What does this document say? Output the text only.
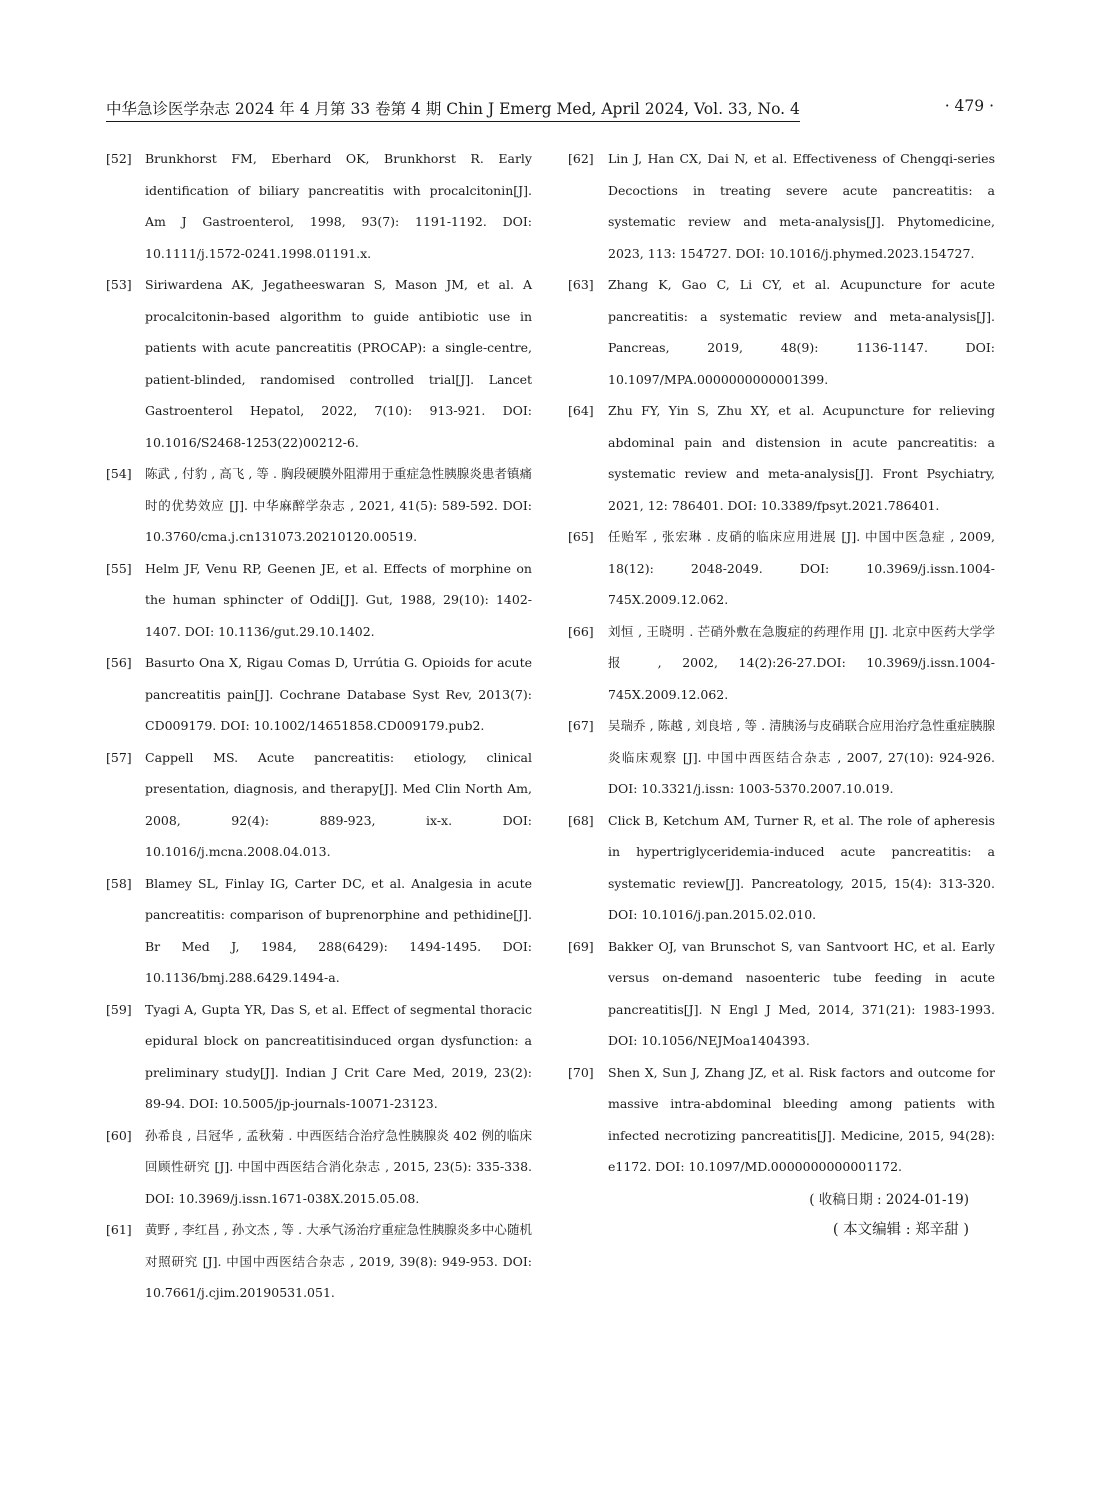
中华急诊医学杂志 2024 年 4 月第 33 卷第 4 期 Chin J Emerg Med, April 2024, Vol. 33, No. 4	· 479 ·
[52] Brunkhorst FM, Eberhard OK, Brunkhorst R. Early identification of biliary pancreatitis with procalcitonin[J]. Am J Gastroenterol, 1998, 93(7): 1191-1192. DOI: 10.1111/j.1572-0241.1998.01191.x.
[53] Siriwardena AK, Jegatheeswaran S, Mason JM, et al. A procalcitonin-based algorithm to guide antibiotic use in patients with acute pancreatitis (PROCAP): a single-centre, patient-blinded, randomised controlled trial[J]. Lancet Gastroenterol Hepatol, 2022, 7(10): 913-921. DOI: 10.1016/S2468-1253(22)00212-6.
[54] 陈武 , 付豹 , 高飞 , 等 . 胸段硬膜外阻滞用于重症急性胰腺炎患者镇痛时的优势效应 [J]. 中华麻醉学杂志 , 2021, 41(5): 589-592. DOI: 10.3760/cma.j.cn131073.20210120.00519.
[55] Helm JF, Venu RP, Geenen JE, et al. Effects of morphine on the human sphincter of Oddi[J]. Gut, 1988, 29(10): 1402-1407. DOI: 10.1136/gut.29.10.1402.
[56] Basurto Ona X, Rigau Comas D, Urrútia G. Opioids for acute pancreatitis pain[J]. Cochrane Database Syst Rev, 2013(7): CD009179. DOI: 10.1002/14651858.CD009179.pub2.
[57] Cappell MS. Acute pancreatitis: etiology, clinical presentation, diagnosis, and therapy[J]. Med Clin North Am, 2008, 92(4): 889-923, ix-x. DOI: 10.1016/j.mcna.2008.04.013.
[58] Blamey SL, Finlay IG, Carter DC, et al. Analgesia in acute pancreatitis: comparison of buprenorphine and pethidine[J]. Br Med J, 1984, 288(6429): 1494-1495. DOI: 10.1136/bmj.288.6429.1494-a.
[59] Tyagi A, Gupta YR, Das S, et al. Effect of segmental thoracic epidural block on pancreatitisinduced organ dysfunction: a preliminary study[J]. Indian J Crit Care Med, 2019, 23(2): 89-94. DOI: 10.5005/jp-journals-10071-23123.
[60] 孙希良 , 吕冠华 , 孟秋菊 . 中西医结合治疗急性胰腺炎 402 例的临床回顾性研究 [J]. 中国中西医结合消化杂志 , 2015, 23(5): 335-338. DOI: 10.3969/j.issn.1671-038X.2015.05.08.
[61] 黄野 , 李红昌 , 孙文杰 , 等 . 大承气汤治疗重症急性胰腺炎多中心随机对照研究 [J]. 中国中西医结合杂志 , 2019, 39(8): 949-953. DOI: 10.7661/j.cjim.20190531.051.
[62] Lin J, Han CX, Dai N, et al. Effectiveness of Chengqi-series Decoctions in treating severe acute pancreatitis: a systematic review and meta-analysis[J]. Phytomedicine, 2023, 113: 154727. DOI: 10.1016/j.phymed.2023.154727.
[63] Zhang K, Gao C, Li CY, et al. Acupuncture for acute pancreatitis: a systematic review and meta-analysis[J]. Pancreas, 2019, 48(9): 1136-1147. DOI: 10.1097/MPA.0000000000001399.
[64] Zhu FY, Yin S, Zhu XY, et al. Acupuncture for relieving abdominal pain and distension in acute pancreatitis: a systematic review and meta-analysis[J]. Front Psychiatry, 2021, 12: 786401. DOI: 10.3389/fpsyt.2021.786401.
[65] 任贻军 , 张宏琳 . 皮硝的临床应用进展 [J]. 中国中医急症 , 2009, 18(12): 2048-2049. DOI: 10.3969/j.issn.1004-745X.2009.12.062.
[66] 刘恒 , 王晓明 . 芒硝外敷在急腹症的药理作用 [J]. 北京中医药大学学报 , 2002, 14(2):26-27.DOI: 10.3969/j.issn.1004-745X.2009.12.062.
[67] 吴瑞乔 , 陈越 , 刘良培 , 等 . 清胰汤与皮硝联合应用治疗急性重症胰腺炎临床观察 [J]. 中国中西医结合杂志 , 2007, 27(10): 924-926. DOI: 10.3321/j.issn: 1003-5370.2007.10.019.
[68] Click B, Ketchum AM, Turner R, et al. The role of apheresis in hypertriglyceridemia-induced acute pancreatitis: a systematic review[J]. Pancreatology, 2015, 15(4): 313-320. DOI: 10.1016/j.pan.2015.02.010.
[69] Bakker OJ, van Brunschot S, van Santvoort HC, et al. Early versus on-demand nasoenteric tube feeding in acute pancreatitis[J]. N Engl J Med, 2014, 371(21): 1983-1993. DOI: 10.1056/NEJMoa1404393.
[70] Shen X, Sun J, Zhang JZ, et al. Risk factors and outcome for massive intra-abdominal bleeding among patients with infected necrotizing pancreatitis[J]. Medicine, 2015, 94(28): e1172. DOI: 10.1097/MD.0000000000001172.
( 收稿日期 : 2024-01-19)
( 本文编辑 : 郑辛甜 )
